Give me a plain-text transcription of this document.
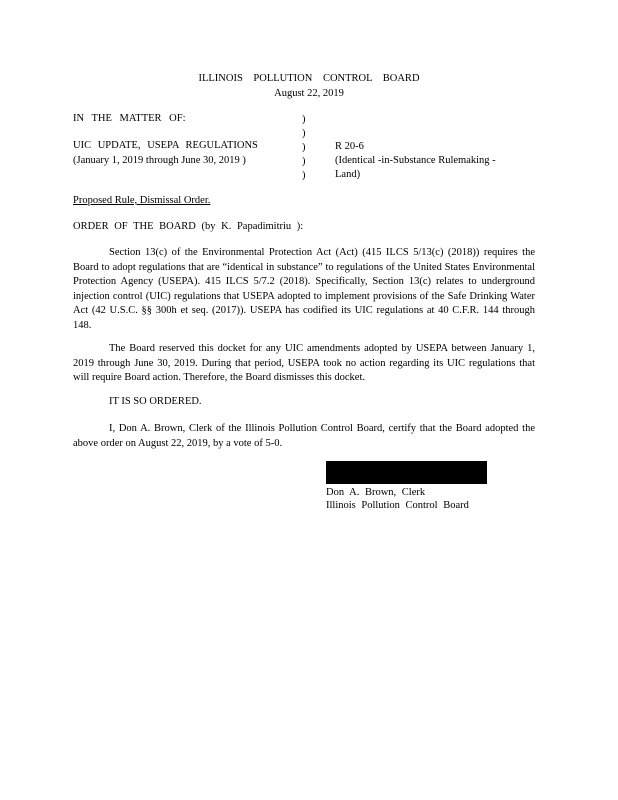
ILLINOIS POLLUTION CONTROL BOARD
August 22, 2019
IN THE MATTER OF:
UIC UPDATE, USEPA REGULATIONS
(January 1, 2019 through June 30, 2019 )
)
)
)
)
)
R 20-6
(Identical -in-Substance Rulemaking -
Land)
Proposed Rule, Dismissal Order.
ORDER OF THE BOARD (by K. Papadimitriu ):
Section 13(c) of the Environmental Protection Act (Act) (415 ILCS 5/13(c) (2018)) requires the Board to adopt regulations that are “identical in substance” to regulations of the United States Environmental Protection Agency (USEPA). 415 ILCS 5/7.2 (2018). Specifically, Section 13(c) relates to underground injection control (UIC) regulations that USEPA adopted to implement provisions of the Safe Drinking Water Act (42 U.S.C. §§ 300h et seq. (2017)). USEPA has codified its UIC regulations at 40 C.F.R. 144 through 148.
The Board reserved this docket for any UIC amendments adopted by USEPA between January 1, 2019 through June 30, 2019. During that period, USEPA took no action regarding its UIC regulations that will require Board action. Therefore, the Board dismisses this docket.
IT IS SO ORDERED.
I, Don A. Brown, Clerk of the Illinois Pollution Control Board, certify that the Board adopted the above order on August 22, 2019, by a vote of 5-0.
Don A. Brown, Clerk
Illinois Pollution Control Board
